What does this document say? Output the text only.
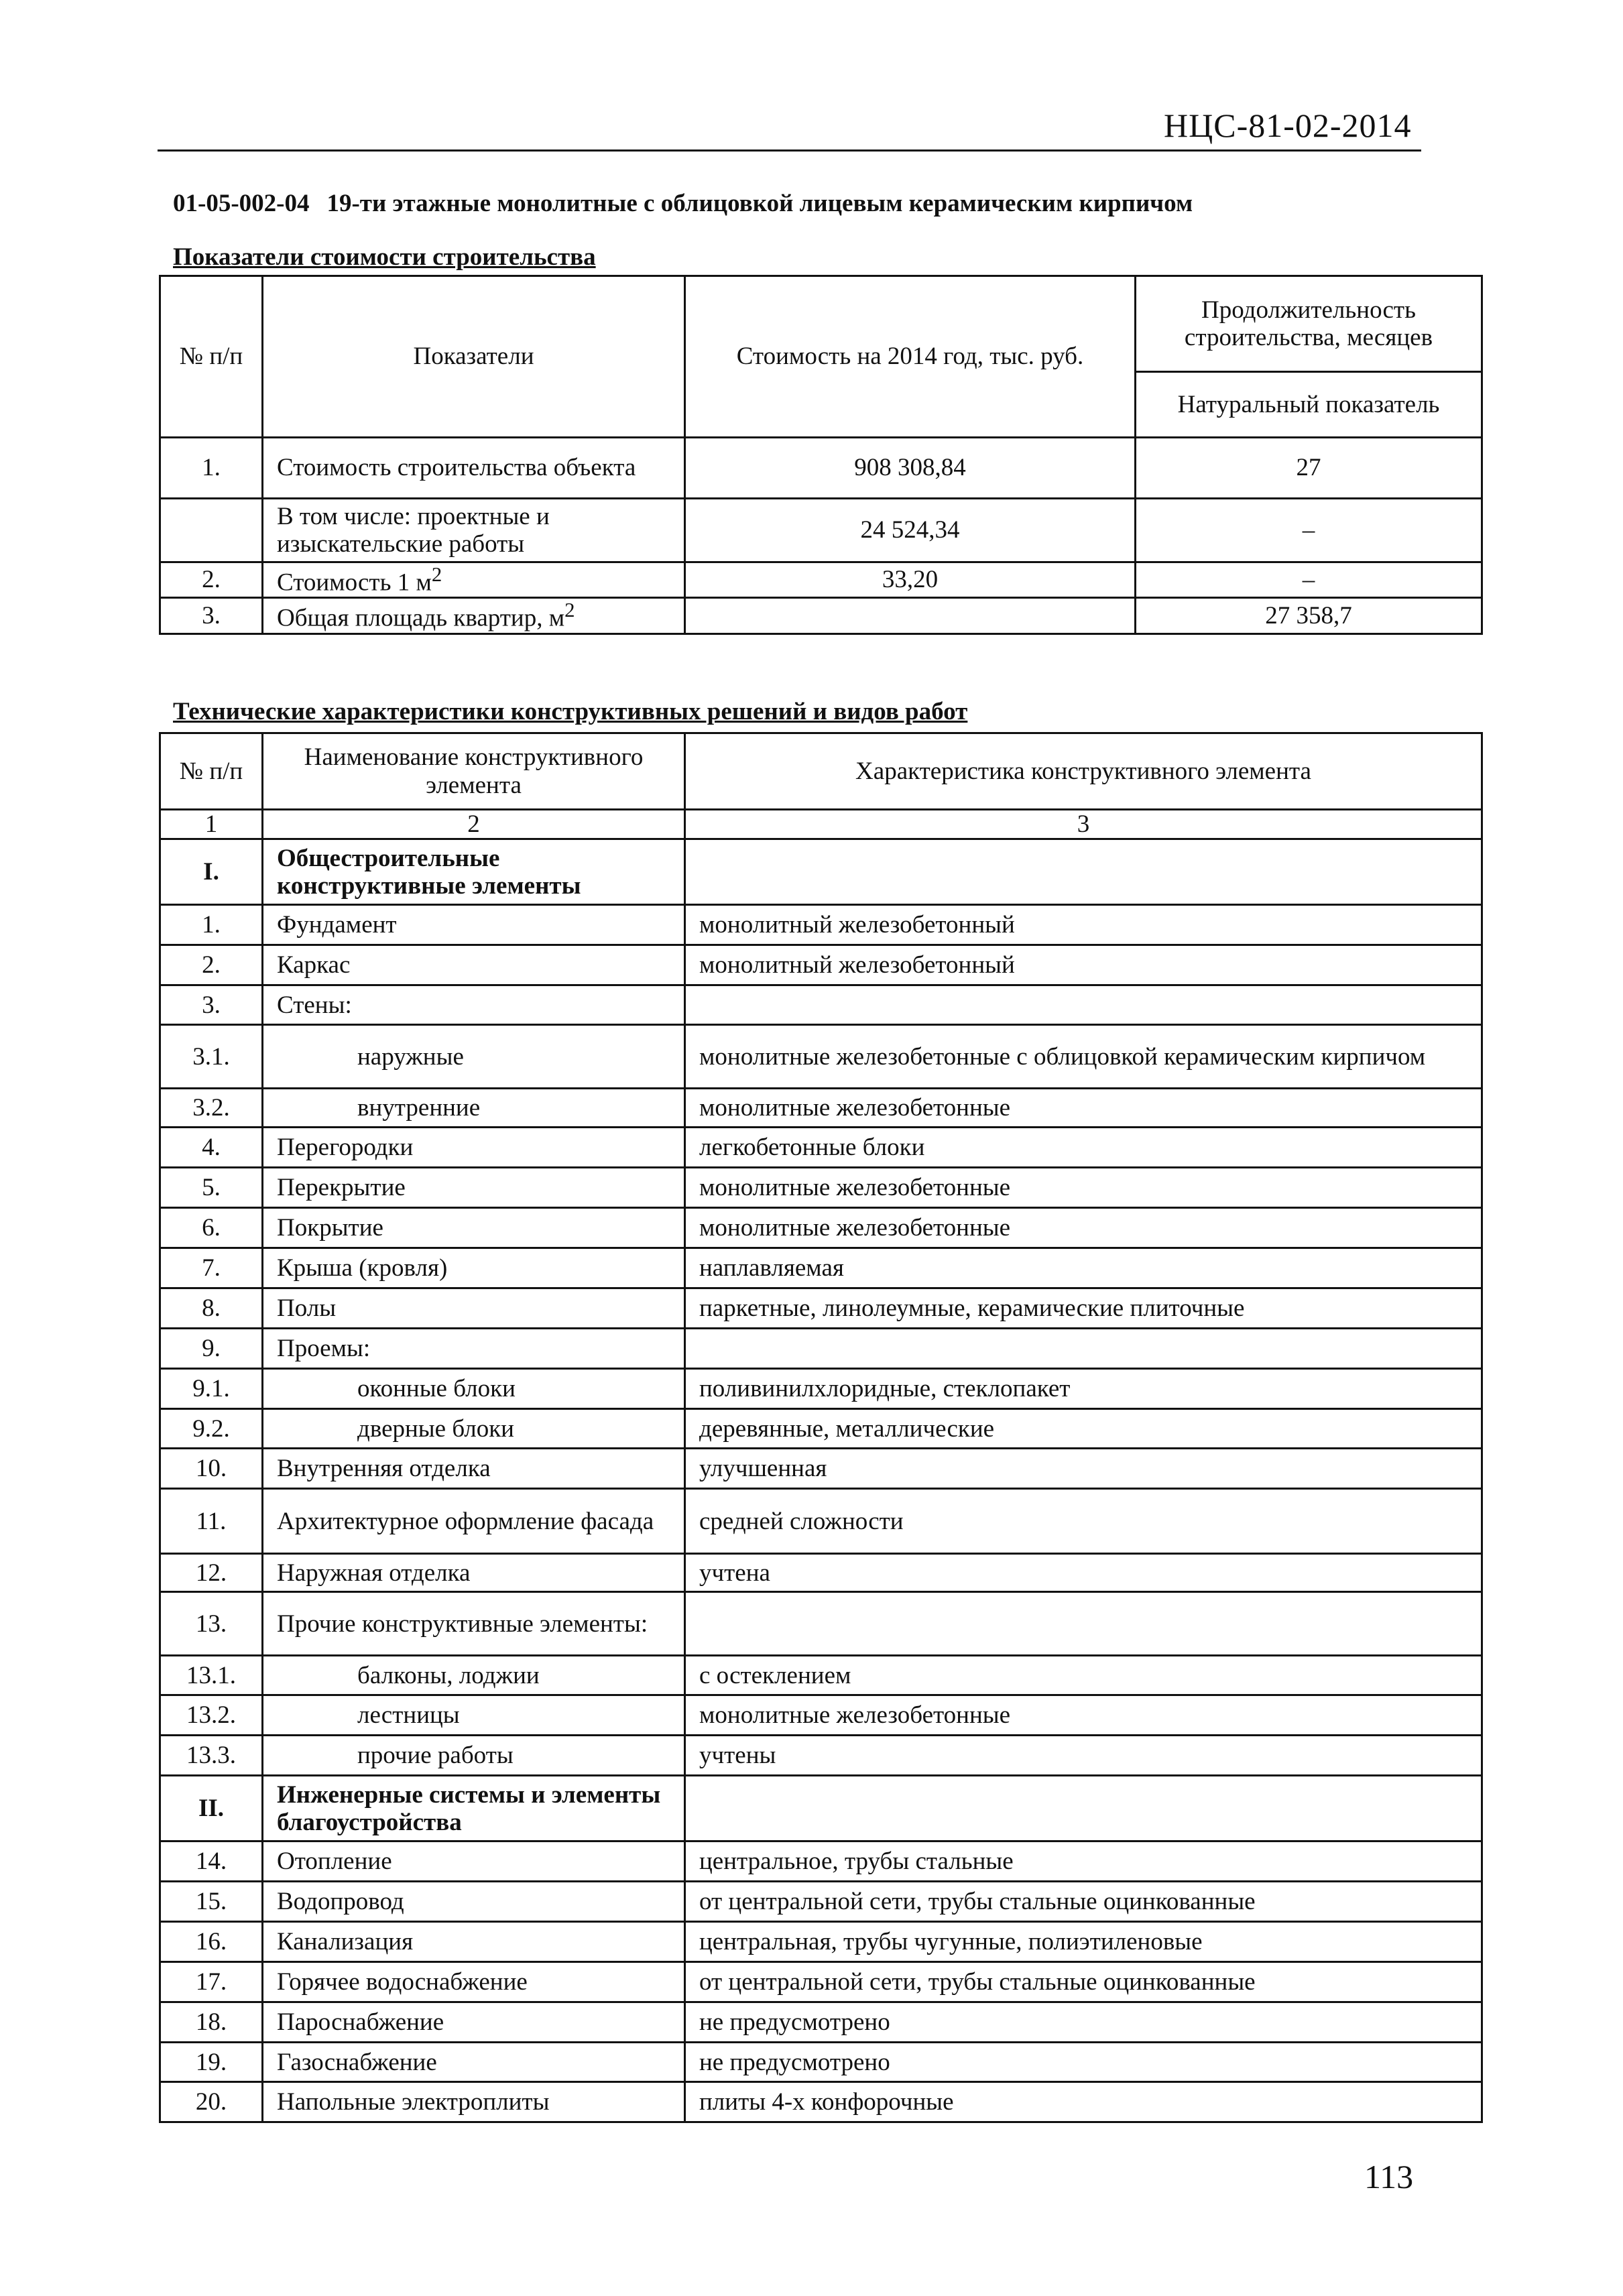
НЦС-81-02-2014
01-05-002-04 19-ти этажные монолитные с облицовкой лицевым керамическим кирпичом
Показатели стоимости строительства
№ п/п	Показатели	Стоимость на 2014 год, тыс. руб.	Продолжительность строительства, месяцев
			Натуральный показатель
1.	Стоимость строительства объекта	908 308,84	27
	В том числе: проектные и изыскательские работы	24 524,34	–
2.	Стоимость 1 $м^2$	33,20	–
3.	Общая площадь квартир, $м^2$		27 358,7
Технические характеристики конструктивных решений и видов работ
№ п/п	Наименование конструктивного элемента	Характеристика конструктивного элемента
1	2	3
I.	Общестроительные конструктивные элементы	
1.	Фундамент	монолитный железобетонный
2.	Каркас	монолитный железобетонный
3.	Стены:	
3.1.	наружные	монолитные железобетонные с облицовкой керамическим кирпичом
3.2.	внутренние	монолитные железобетонные
4.	Перегородки	легкобетонные блоки
5.	Перекрытие	монолитные железобетонные
6.	Покрытие	монолитные железобетонные
7.	Крыша (кровля)	наплавляемая
8.	Полы	паркетные, линолеумные, керамические плиточные
9.	Проемы:	
9.1.	оконные блоки	поливинилхлоридные, стеклопакет
9.2.	дверные блоки	деревянные, металлические
10.	Внутренняя отделка	улучшенная
11.	Архитектурное оформление фасада	средней сложности
12.	Наружная отделка	учтена
13.	Прочие конструктивные элементы:	
13.1.	балконы, лоджии	с остеклением
13.2.	лестницы	монолитные железобетонные
13.3.	прочие работы	учтены
II.	Инженерные системы и элементы благоустройства	
14.	Отопление	центральное, трубы стальные
15.	Водопровод	от центральной сети, трубы стальные оцинкованные
16.	Канализация	центральная, трубы чугунные, полиэтиленовые
17.	Горячее водоснабжение	от центральной сети, трубы стальные оцинкованные
18.	Пароснабжение	не предусмотрено
19.	Газоснабжение	не предусмотрено
20.	Напольные электроплиты	плиты 4-х конфорочные
113
